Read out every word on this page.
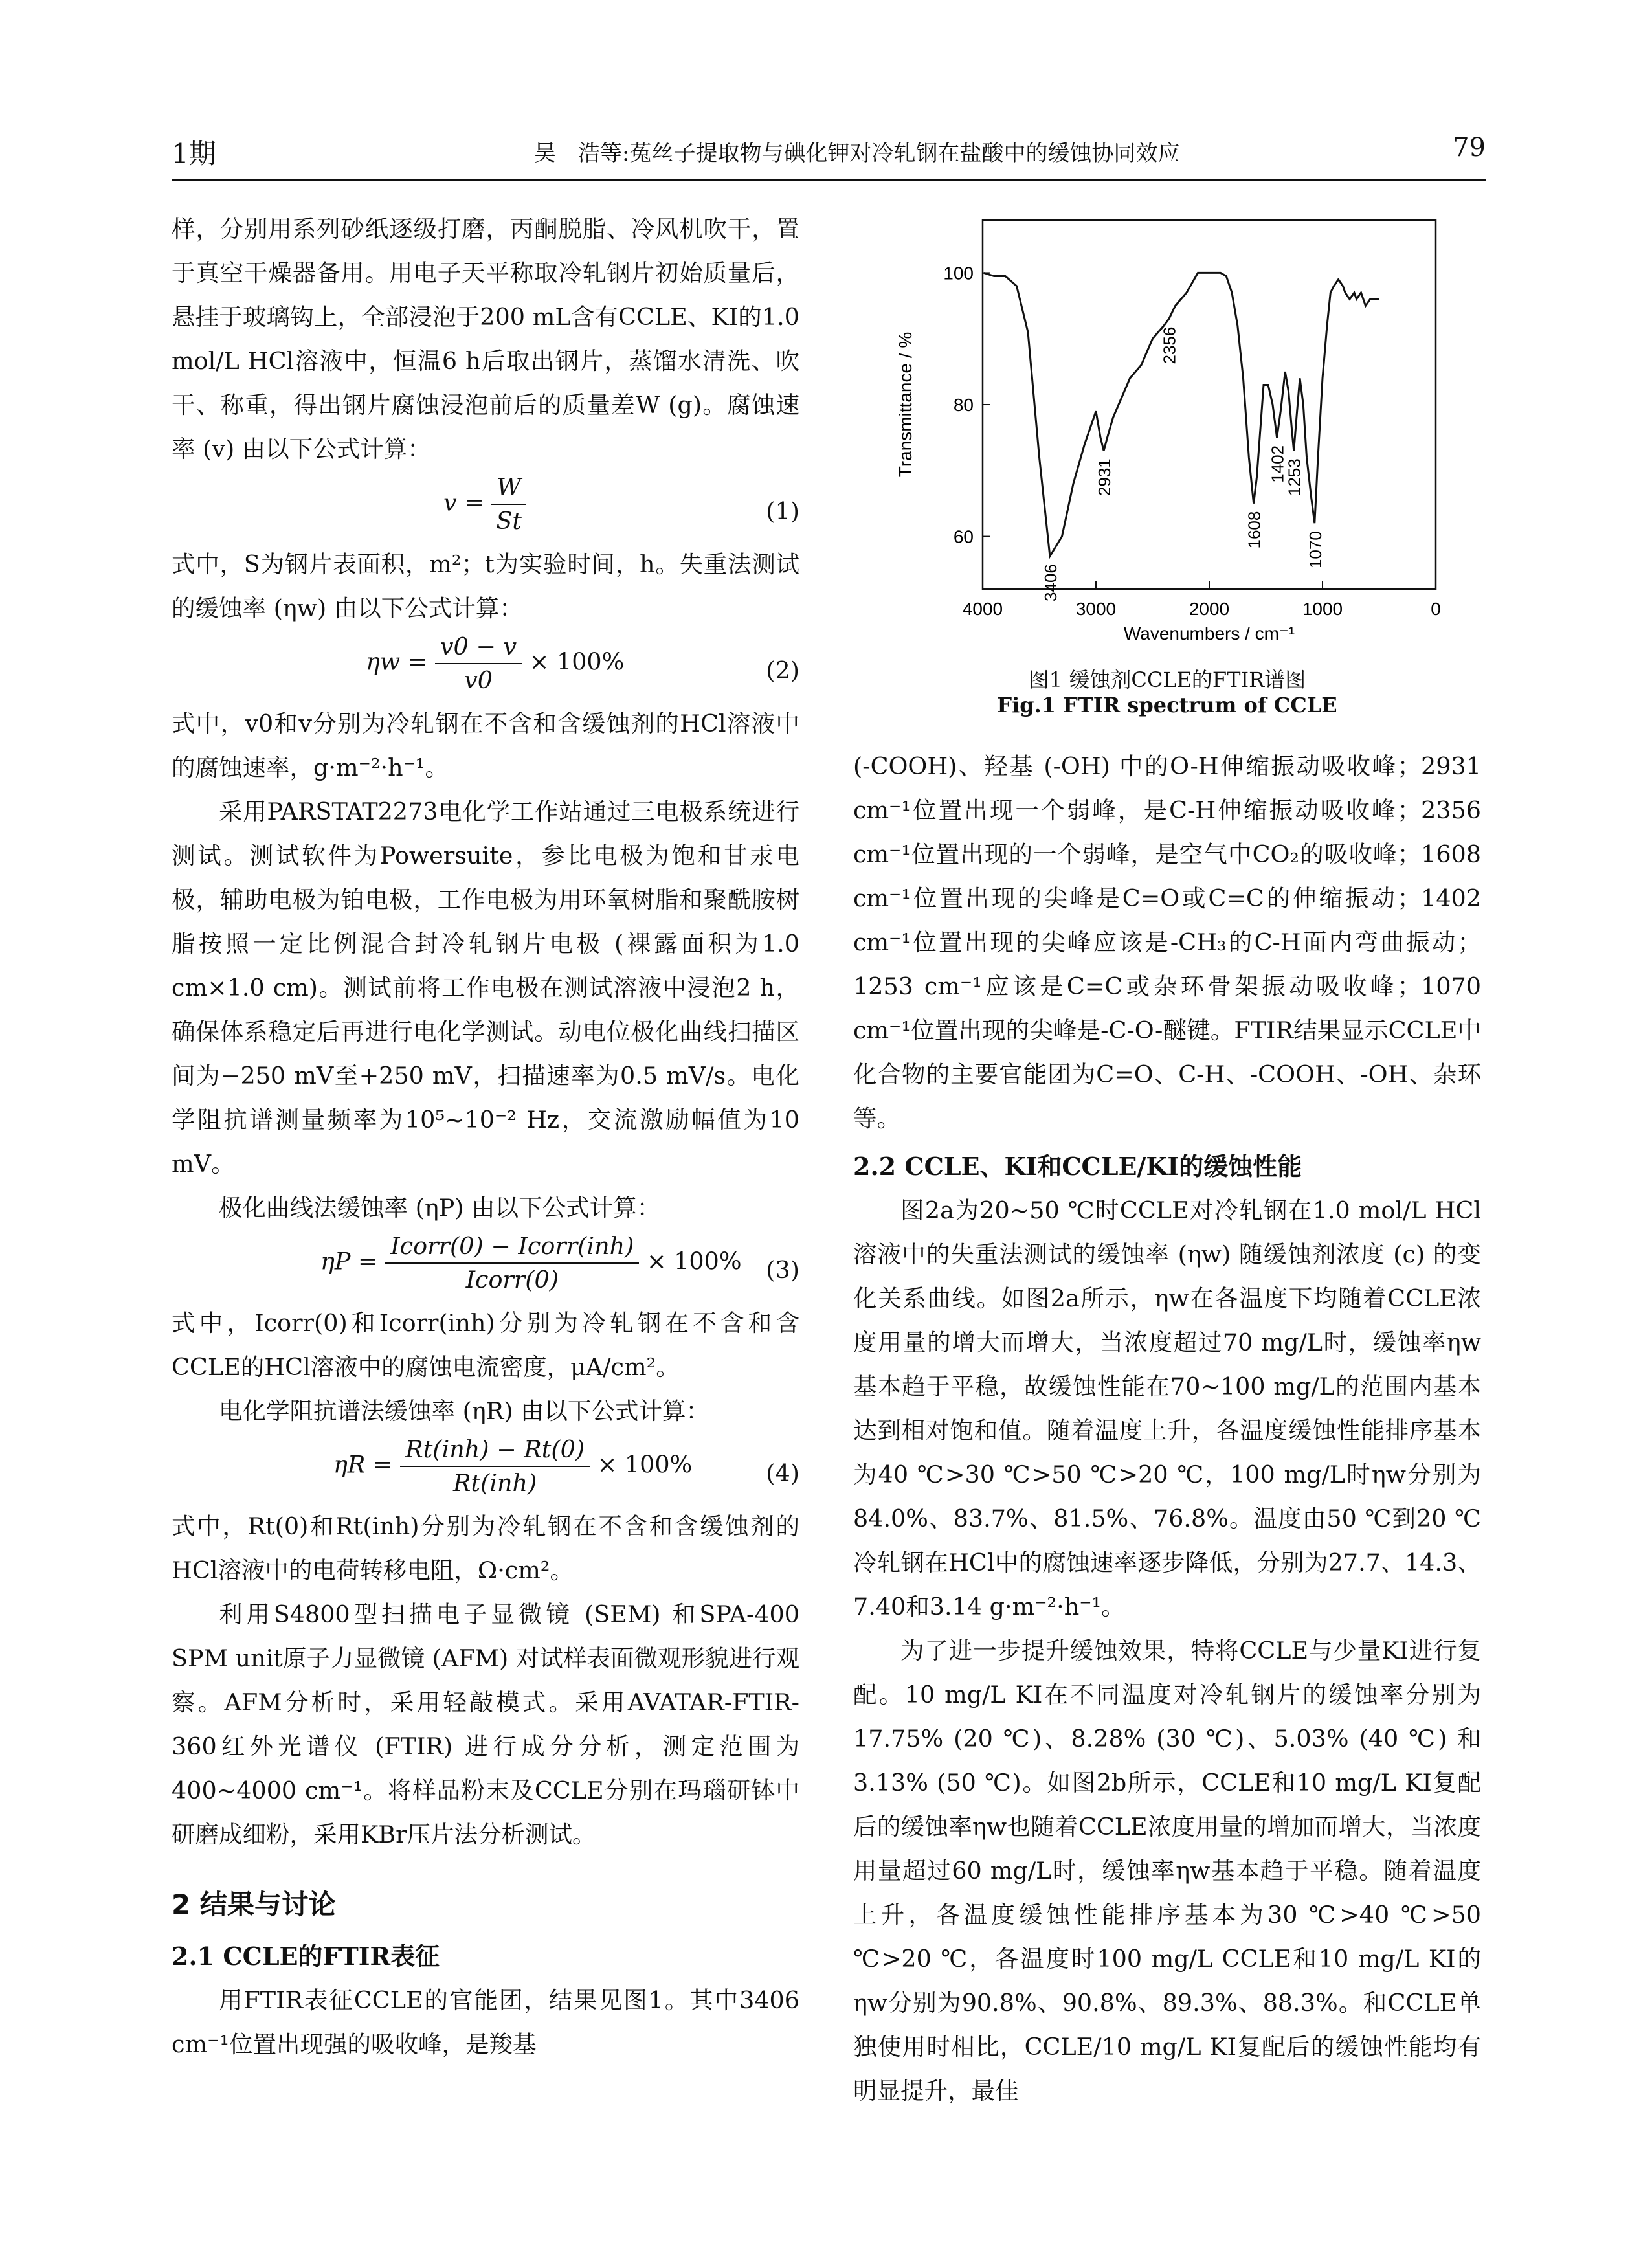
1期	吴　浩等:菟丝子提取物与碘化钾对冷轧钢在盐酸中的缓蚀协同效应	79

样，分别用系列砂纸逐级打磨，丙酮脱脂、冷风机吹干，置于真空干燥器备用。用电子天平称取冷轧钢片初始质量后，悬挂于玻璃钩上，全部浸泡于200 mL含有CCLE、KI的1.0 mol/L HCl溶液中，恒温6 h后取出钢片，蒸馏水清洗、吹干、称重，得出钢片腐蚀浸泡前后的质量差W (g)。腐蚀速率 (v) 由以下公式计算：

$v = \frac{W}{St}$	(1)

式中，S为钢片表面积，m²；t为实验时间，h。失重法测试的缓蚀率 (ηw) 由以下公式计算：

$\eta w = \frac{v0 - v}{v0} \times 100\%$	(2)

式中，v0和v分别为冷轧钢在不含和含缓蚀剂的HCl溶液中的腐蚀速率，g·m⁻²·h⁻¹。

采用PARSTAT2273电化学工作站通过三电极系统进行测试。测试软件为Powersuite，参比电极为饱和甘汞电极，辅助电极为铂电极，工作电极为用环氧树脂和聚酰胺树脂按照一定比例混合封冷轧钢片电极 (裸露面积为1.0 cm×1.0 cm)。测试前将工作电极在测试溶液中浸泡2 h，确保体系稳定后再进行电化学测试。动电位极化曲线扫描区间为−250 mV至+250 mV，扫描速率为0.5 mV/s。电化学阻抗谱测量频率为10⁵~10⁻² Hz，交流激励幅值为10 mV。

极化曲线法缓蚀率 (ηP) 由以下公式计算：

$\eta P = \frac{\text{Icorr(0) − Icorr(inh)}}{\text{Icorr(0)}} \times 100\%$ (3)

式中，Icorr(0)和Icorr(inh)分别为冷轧钢在不含和含CCLE的HCl溶液中的腐蚀电流密度，μA/cm²。

电化学阻抗谱法缓蚀率 (ηR) 由以下公式计算：

$\eta R = \frac{\text{Rt(inh) − Rt(0)}}{\text{Rt(inh)}} \times 100\%$	(4)

式中，Rt(0)和Rt(inh)分别为冷轧钢在不含和含缓蚀剂的HCl溶液中的电荷转移电阻，Ω·cm²。

利用S4800型扫描电子显微镜 (SEM) 和SPA-400 SPM unit原子力显微镜 (AFM) 对试样表面微观形貌进行观察。AFM分析时，采用轻敲模式。采用AVATAR-FTIR-360红外光谱仪 (FTIR) 进行成分分析，测定范围为400~4000 cm⁻¹。将样品粉末及CCLE分别在玛瑙研钵中研磨成细粉，采用KBr压片法分析测试。

2 结果与讨论
2.1 CCLE的FTIR表征

用FTIR表征CCLE的官能团，结果见图1。其中3406 cm⁻¹位置出现强的吸收峰，是羧基

4000	3000	2000	1000	0
60
80
100
Wavenumbers / cm⁻¹
Transmittance / %
3406
2931
2356
1608
1402
1253
1070
图1 缓蚀剂CCLE的FTIR谱图
Fig.1 FTIR spectrum of CCLE

(-COOH)、羟基 (-OH) 中的O-H伸缩振动吸收峰；2931 cm⁻¹位置出现一个弱峰，是C-H伸缩振动吸收峰；2356 cm⁻¹位置出现的一个弱峰，是空气中CO₂的吸收峰；1608 cm⁻¹位置出现的尖峰是C=O或C=C的伸缩振动；1402 cm⁻¹位置出现的尖峰应该是-CH₃的C-H面内弯曲振动；1253 cm⁻¹应该是C=C或杂环骨架振动吸收峰；1070 cm⁻¹位置出现的尖峰是-C-O-醚键。FTIR结果显示CCLE中化合物的主要官能团为C=O、C-H、-COOH、-OH、杂环等。

2.2 CCLE、KI和CCLE/KI的缓蚀性能

图2a为20~50 ℃时CCLE对冷轧钢在1.0 mol/L HCl溶液中的失重法测试的缓蚀率 (ηw) 随缓蚀剂浓度 (c) 的变化关系曲线。如图2a所示，ηw在各温度下均随着CCLE浓度用量的增大而增大，当浓度超过70 mg/L时，缓蚀率ηw基本趋于平稳，故缓蚀性能在70~100 mg/L的范围内基本达到相对饱和值。随着温度上升，各温度缓蚀性能排序基本为40 ℃>30 ℃>50 ℃>20 ℃，100 mg/L时ηw分别为84.0%、83.7%、81.5%、76.8%。温度由50 ℃到20 ℃冷轧钢在HCl中的腐蚀速率逐步降低，分别为27.7、14.3、7.40和3.14 g·m⁻²·h⁻¹。

为了进一步提升缓蚀效果，特将CCLE与少量KI进行复配。10 mg/L KI在不同温度对冷轧钢片的缓蚀率分别为17.75% (20 ℃)、8.28% (30 ℃)、5.03% (40 ℃) 和3.13% (50 ℃)。如图2b所示，CCLE和10 mg/L KI复配后的缓蚀率ηw也随着CCLE浓度用量的增加而增大，当浓度用量超过60 mg/L时，缓蚀率ηw基本趋于平稳。随着温度上升，各温度缓蚀性能排序基本为30 ℃>40 ℃>50 ℃>20 ℃，各温度时100 mg/L CCLE和10 mg/L KI的ηw分别为90.8%、90.8%、89.3%、88.3%。和CCLE单独使用时相比，CCLE/10 mg/L KI复配后的缓蚀性能均有明显提升，最佳
